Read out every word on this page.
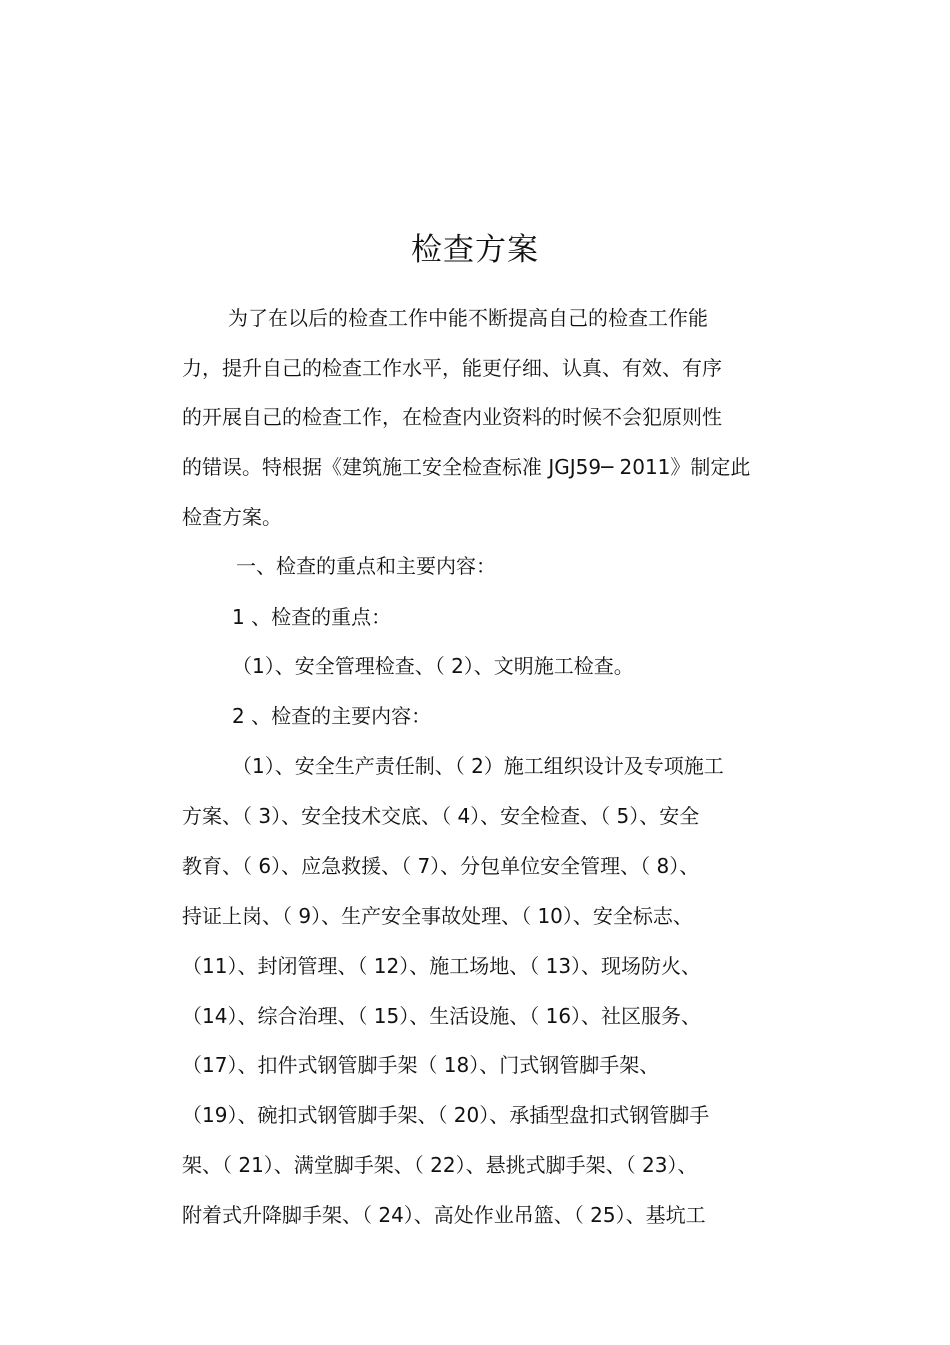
检查方案
为了在以后的检查工作中能不断提高自己的检查工作能
力，提升自己的检查工作水平，能更仔细、认真、有效、有序
的开展自己的检查工作，在检查内业资料的时候不会犯原则性
的错误。特根据《建筑施工安全检查标准 JGJ59─ 2011》制定此
检查方案。
一、检查的重点和主要内容：
1 、检查的重点：
（1）、安全管理检查、（ 2）、文明施工检查。
2 、检查的主要内容：
（1）、安全生产责任制、（ 2）施工组织设计及专项施工
方案、（ 3）、安全技术交底、（ 4）、安全检查、（ 5）、安全
教育、（ 6）、应急救援、（ 7）、分包单位安全管理、（ 8）、
持证上岗、（ 9）、生产安全事故处理、（ 10）、安全标志、
（11）、封闭管理、（ 12）、施工场地、（ 13）、现场防火、
（14）、综合治理、（ 15）、生活设施、（ 16）、社区服务、
（17）、扣件式钢管脚手架（ 18）、门式钢管脚手架、
（19）、碗扣式钢管脚手架、（ 20）、承插型盘扣式钢管脚手
架、（ 21）、满堂脚手架、（ 22）、悬挑式脚手架、（ 23）、
附着式升降脚手架、（ 24）、高处作业吊篮、（ 25）、基坑工
